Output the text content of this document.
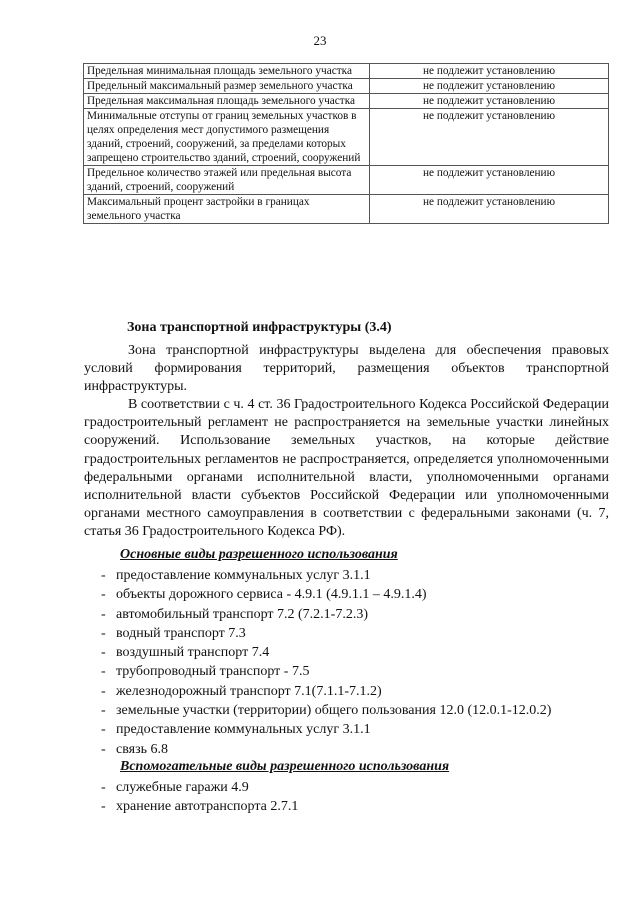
23
Предельная минимальная площадь земельного участка	не подлежит установлению
Предельный максимальный размер земельного участка	не подлежит установлению
Предельная максимальная площадь земельного участка	не подлежит установлению
Минимальные отступы от границ земельных участков в целях определения мест допустимого размещения зданий, строений, сооружений, за пределами которых запрещено строительство зданий, строений, сооружений	не подлежит установлению
Предельное количество этажей или предельная высота зданий, строений, сооружений	не подлежит установлению
Максимальный процент застройки в границах земельного участка	не подлежит установлению
Зона транспортной инфраструктуры (3.4)

Зона транспортной инфраструктуры выделена для обеспечения правовых условий формирования территорий, размещения объектов транспортной инфраструктуры.

В соответствии с ч. 4 ст. 36 Градостроительного Кодекса Российской Федерации градостроительный регламент не распространяется на земельные участки линейных сооружений. Использование земельных участков, на которые действие градостроительных регламентов не распространяется, определяется уполномоченными федеральными органами исполнительной власти, уполномоченными органами исполнительной власти субъектов Российской Федерации или уполномоченными органами местного самоуправления в соответствии с федеральными законами (ч. 7, статья 36 Градостроительного Кодекса РФ).

Основные виды разрешенного использования
- предоставление коммунальных услуг 3.1.1
- объекты дорожного сервиса - 4.9.1 (4.9.1.1 – 4.9.1.4)
- автомобильный транспорт 7.2 (7.2.1-7.2.3)
- водный транспорт 7.3
- воздушный транспорт 7.4
- трубопроводный транспорт - 7.5
- железнодорожный транспорт 7.1(7.1.1-7.1.2)
- земельные участки (территории) общего пользования 12.0 (12.0.1-12.0.2)
- предоставление коммунальных услуг 3.1.1
- связь 6.8
Вспомогательные виды разрешенного использования
- служебные гаражи 4.9
- хранение автотранспорта 2.7.1
